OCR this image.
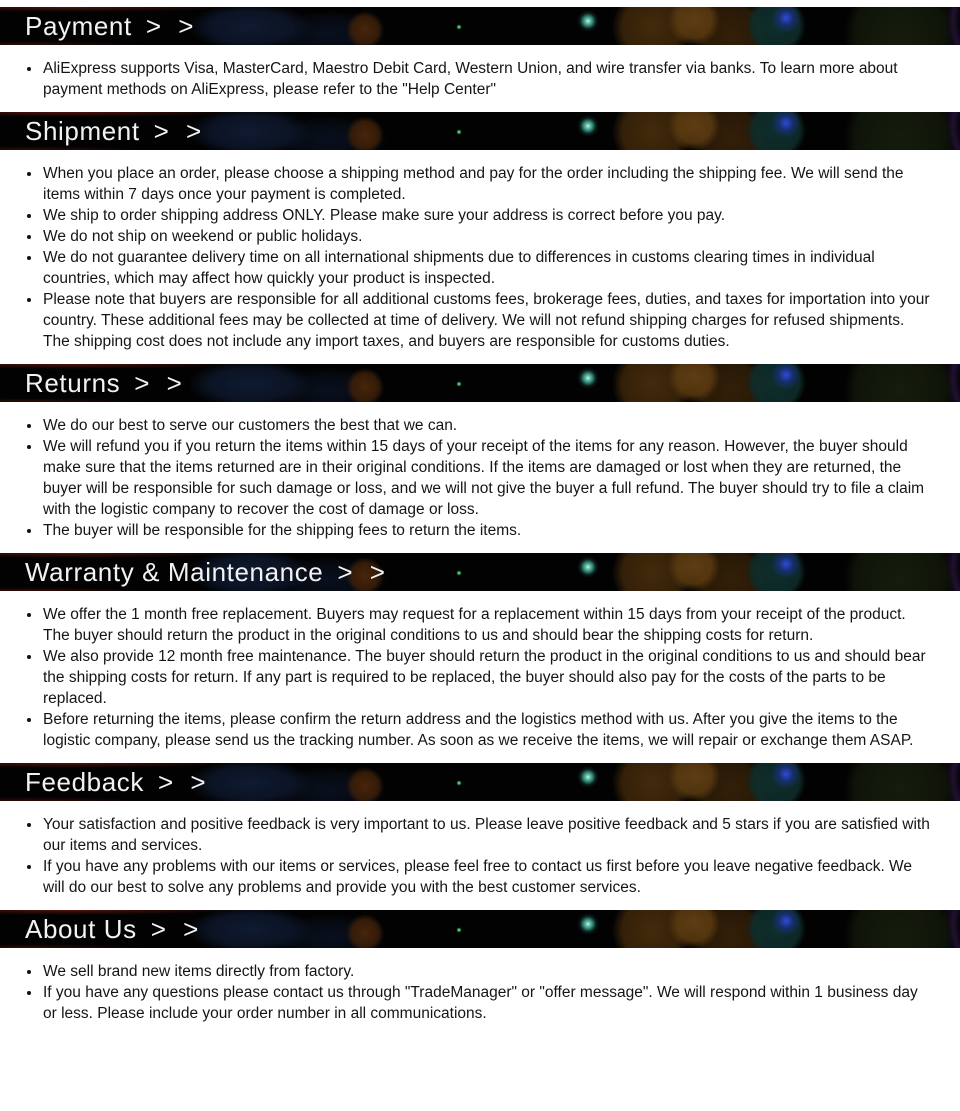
Payment > >
• AliExpress supports Visa, MasterCard, Maestro Debit Card, Western Union, and wire transfer via banks. To learn more about payment methods on AliExpress, please refer to the "Help Center"
Shipment > >
• When you place an order, please choose a shipping method and pay for the order including the shipping fee. We will send the items within 7 days once your payment is completed.
• We ship to order shipping address ONLY. Please make sure your address is correct before you pay.
• We do not ship on weekend or public holidays.
• We do not guarantee delivery time on all international shipments due to differences in customs clearing times in individual countries, which may affect how quickly your product is inspected.
• Please note that buyers are responsible for all additional customs fees, brokerage fees, duties, and taxes for importation into your country. These additional fees may be collected at time of delivery. We will not refund shipping charges for refused shipments. The shipping cost does not include any import taxes, and buyers are responsible for customs duties.
Returns > >
• We do our best to serve our customers the best that we can.
• We will refund you if you return the items within 15 days of your receipt of the items for any reason. However, the buyer should make sure that the items returned are in their original conditions. If the items are damaged or lost when they are returned, the buyer will be responsible for such damage or loss, and we will not give the buyer a full refund. The buyer should try to file a claim with the logistic company to recover the cost of damage or loss.
• The buyer will be responsible for the shipping fees to return the items.
Warranty & Maintenance > >
• We offer the 1 month free replacement. Buyers may request for a replacement within 15 days from your receipt of the product. The buyer should return the product in the original conditions to us and should bear the shipping costs for return.
• We also provide 12 month free maintenance. The buyer should return the product in the original conditions to us and should bear the shipping costs for return. If any part is required to be replaced, the buyer should also pay for the costs of the parts to be replaced.
• Before returning the items, please confirm the return address and the logistics method with us. After you give the items to the logistic company, please send us the tracking number. As soon as we receive the items, we will repair or exchange them ASAP.
Feedback > >
• Your satisfaction and positive feedback is very important to us. Please leave positive feedback and 5 stars if you are satisfied with our items and services.
• If you have any problems with our items or services, please feel free to contact us first before you leave negative feedback. We will do our best to solve any problems and provide you with the best customer services.
About Us > >
• We sell brand new items directly from factory.
• If you have any questions please contact us through "TradeManager" or "offer message". We will respond within 1 business day or less. Please include your order number in all communications.
